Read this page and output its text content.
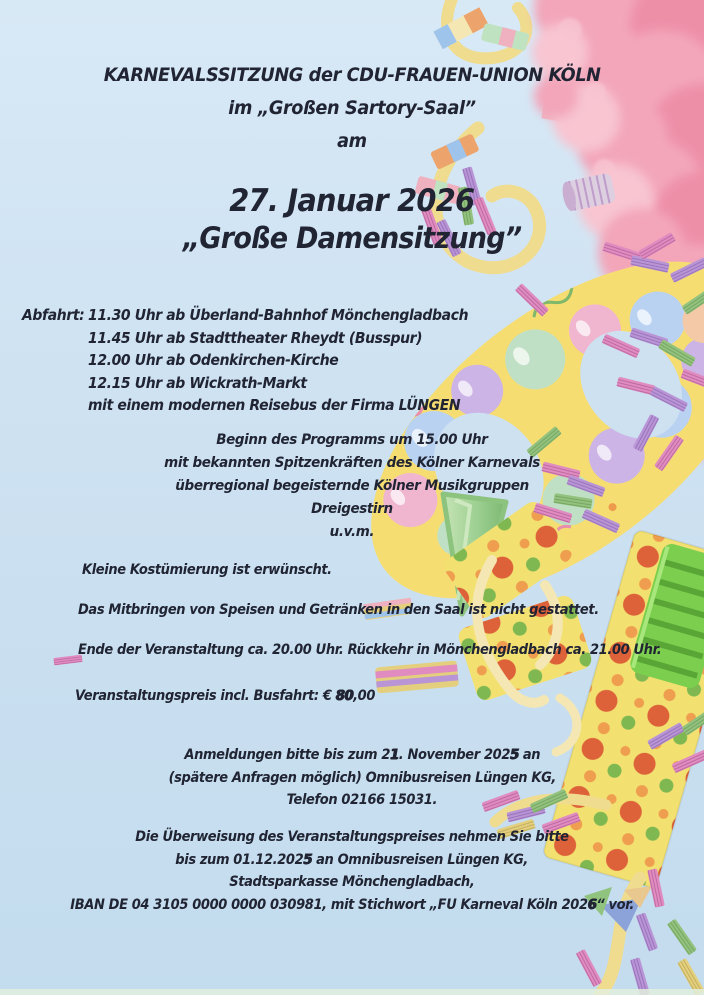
KARNEVALSSITZUNG der CDU-FRAUEN-UNION KÖLN
im „Großen Sartory-Saal”
am
27. Januar 2026
„Große Damensitzung”
Abfahrt: 11.30 Uhr ab Überland-Bahnhof Mönchengladbach
11.45 Uhr ab Stadttheater Rheydt (Busspur)
12.00 Uhr ab Odenkirchen-Kirche
12.15 Uhr ab Wickrath-Markt
mit einem modernen Reisebus der Firma LÜNGEN
Beginn des Programms um 15.00 Uhr
mit bekannten Spitzenkräften des Kölner Karnevals
überregional begeisternde Kölner Musikgruppen
Dreigestirn
u.v.m.
Kleine Kostümierung ist erwünscht.
Das Mitbringen von Speisen und Getränken in den Saal ist nicht gestattet.
Ende der Veranstaltung ca. 20.00 Uhr. Rückkehr in Mönchengladbach ca. 21.00 Uhr.
Veranstaltungspreis incl. Busfahrt: € 80,00
Anmeldungen bitte bis zum 21. November 2025 an
(spätere Anfragen möglich) Omnibusreisen Lüngen KG,
Telefon 02166 15031.
Die Überweisung des Veranstaltungspreises nehmen Sie bitte
bis zum 01.12.2025 an Omnibusreisen Lüngen KG,
Stadtsparkasse Mönchengladbach,
IBAN DE 04 3105 0000 0000 030981, mit Stichwort „FU Karneval Köln 2026“ vor.
